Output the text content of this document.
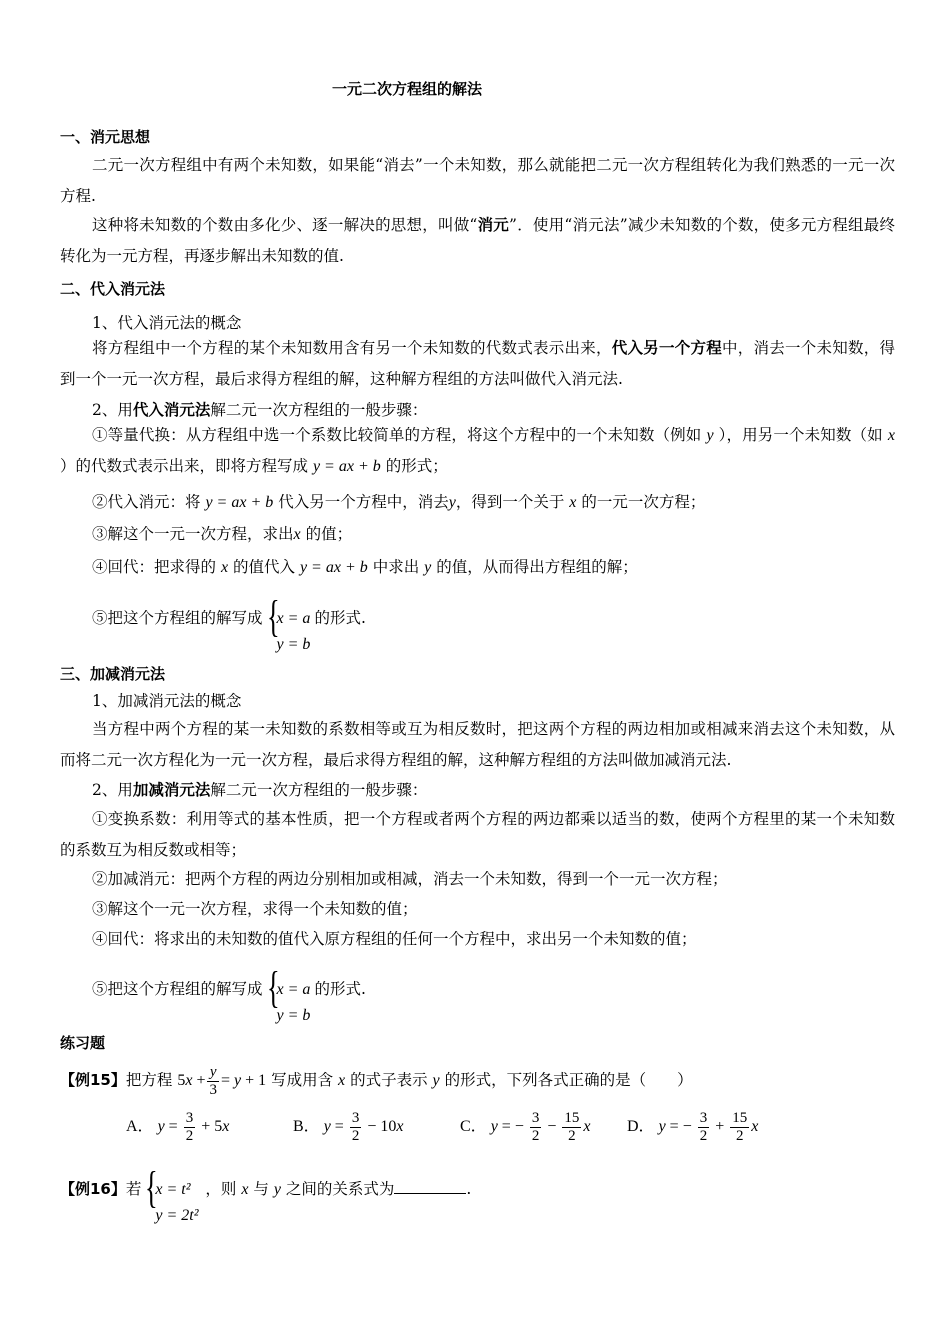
一元二次方程组的解法
一、消元思想
二元一次方程组中有两个未知数，如果能“消去”一个未知数，那么就能把二元一次方程组转化为我们熟悉的一元一次方程.
这种将未知数的个数由多化少、逐一解决的思想，叫做“消元”．使用“消元法”减少未知数的个数，使多元方程组最终转化为一元方程，再逐步解出未知数的值.
二、代入消元法
1、代入消元法的概念
将方程组中一个方程的某个未知数用含有另一个未知数的代数式表示出来，代入另一个方程中，消去一个未知数，得到一个一元一次方程，最后求得方程组的解，这种解方程组的方法叫做代入消元法.
2、用代入消元法解二元一次方程组的一般步骤：
①等量代换：从方程组中选一个系数比较简单的方程，将这个方程中的一个未知数（例如 y ），用另一个未知数（如 x ）的代数式表示出来，即将方程写成 y = ax + b 的形式；
②代入消元：将 y = ax + b 代入另一个方程中，消去y，得到一个关于 x 的一元一次方程；
③解这个一元一次方程，求出x 的值；
④回代：把求得的 x 的值代入 y = ax + b 中求出 y 的值，从而得出方程组的解；
⑤把这个方程组的解写成 {
x = a
y = b
的形式.
三、加减消元法
1、加减消元法的概念
当方程中两个方程的某一未知数的系数相等或互为相反数时，把这两个方程的两边相加或相减来消去这个未知数，从而将二元一次方程化为一元一次方程，最后求得方程组的解，这种解方程组的方法叫做加减消元法.
2、用加减消元法解二元一次方程组的一般步骤：
①变换系数：利用等式的基本性质，把一个方程或者两个方程的两边都乘以适当的数，使两个方程里的某一个未知数的系数互为相反数或相等；
②加减消元：把两个方程的两边分别相加或相减，消去一个未知数，得到一个一元一次方程；
③解这个一元一次方程，求得一个未知数的值；
④回代：将求出的未知数的值代入原方程组的任何一个方程中，求出另一个未知数的值；
⑤把这个方程组的解写成 {
x = a
y = b
的形式.
练习题
【例15】把方程 $5x + \frac{y}{3} = y + 1$ 写成用含 x 的式子表示 y 的形式，下列各式正确的是（　　）
A． $y = \frac{3}{2} + 5x$	B． $y = \frac{3}{2} - 10x$	C． y = − $\frac{3}{2} - \frac{15}{2}$ x D． y = − $\frac{3}{2} + \frac{15}{2}$ x
【例16】若 {
x = t²
y = 2t²
，则 x 与 y 之间的关系式为	.
